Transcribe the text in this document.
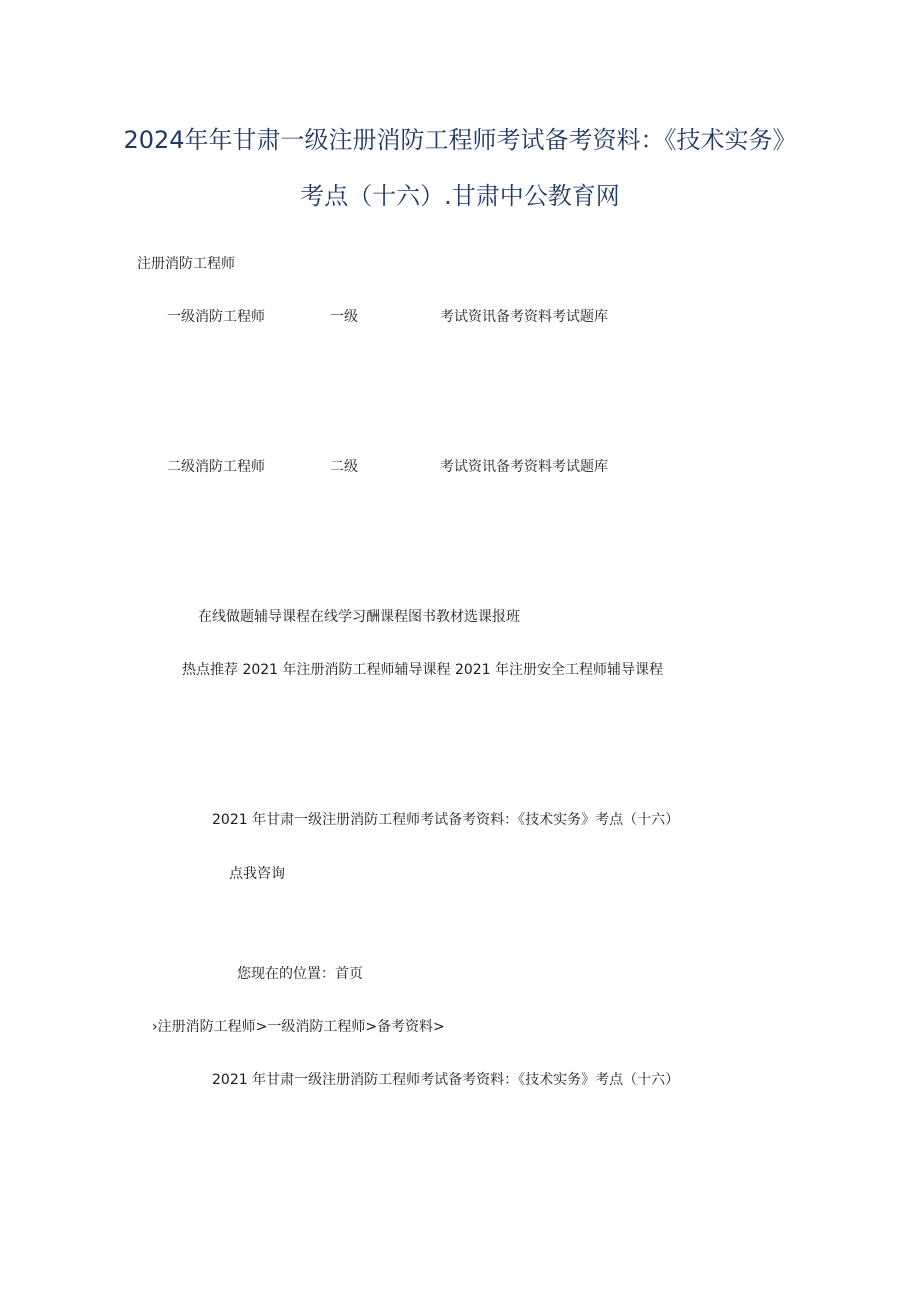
2024年年甘肃一级注册消防工程师考试备考资料：《技术实务》考点（十六）.甘肃中公教育网
注册消防工程师
一级消防工程师	一级	考试资讯备考资料考试题库
二级消防工程师	二级	考试资讯备考资料考试题库
在线做题辅导课程在线学习酬课程图书教材选课报班
热点推荐 2021 年注册消防工程师辅导课程 2021 年注册安全工程师辅导课程
2021 年甘肃一级注册消防工程师考试备考资料：《技术实务》考点（十六）
点我咨询
您现在的位置：首页
›注册消防工程师>一级消防工程师>备考资料>
2021 年甘肃一级注册消防工程师考试备考资料：《技术实务》考点（十六）
